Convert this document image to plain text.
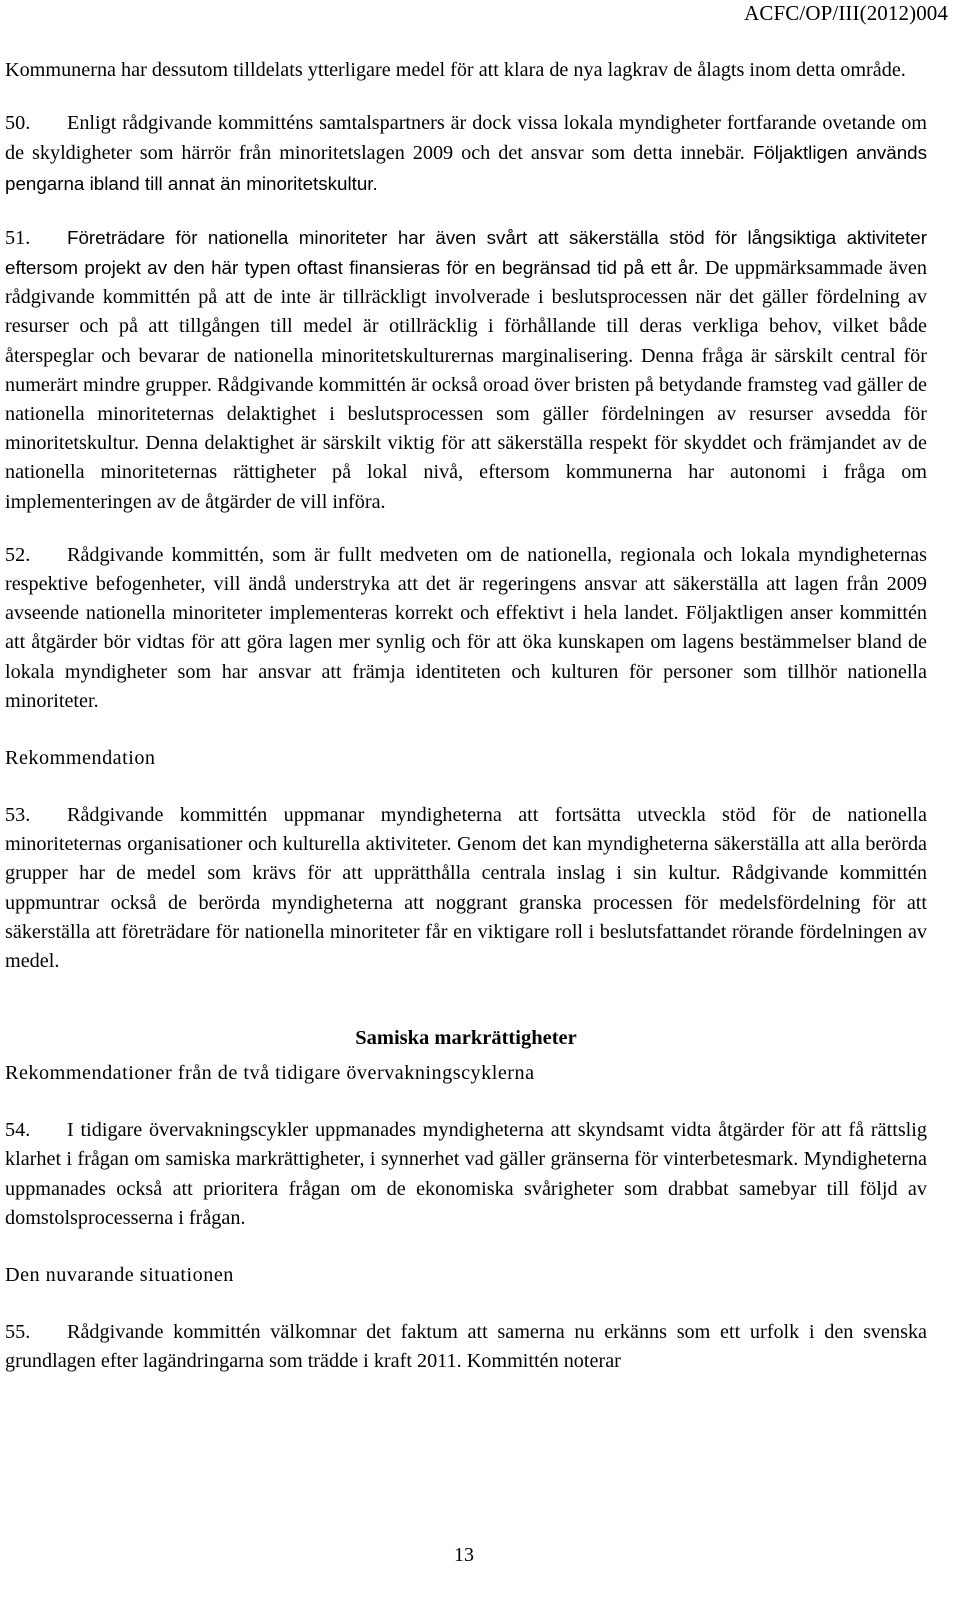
ACFC/OP/III(2012)004

Kommunerna har dessutom tilldelats ytterligare medel för att klara de nya lagkrav de ålagts inom detta område.

50. Enligt rådgivande kommitténs samtalspartners är dock vissa lokala myndigheter fortfarande ovetande om de skyldigheter som härrör från minoritetslagen 2009 och det ansvar som detta innebär. Följaktligen används pengarna ibland till annat än minoritetskultur.

51. Företrädare för nationella minoriteter har även svårt att säkerställa stöd för långsiktiga aktiviteter eftersom projekt av den här typen oftast finansieras för en begränsad tid på ett år. De uppmärksammade även rådgivande kommittén på att de inte är tillräckligt involverade i beslutsprocessen när det gäller fördelning av resurser och på att tillgången till medel är otillräcklig i förhållande till deras verkliga behov, vilket både återspeglar och bevarar de nationella minoritetskulturernas marginalisering. Denna fråga är särskilt central för numerärt mindre grupper. Rådgivande kommittén är också oroad över bristen på betydande framsteg vad gäller de nationella minoriteternas delaktighet i beslutsprocessen som gäller fördelningen av resurser avsedda för minoritetskultur. Denna delaktighet är särskilt viktig för att säkerställa respekt för skyddet och främjandet av de nationella minoriteternas rättigheter på lokal nivå, eftersom kommunerna har autonomi i fråga om implementeringen av de åtgärder de vill införa.

52. Rådgivande kommittén, som är fullt medveten om de nationella, regionala och lokala myndigheternas respektive befogenheter, vill ändå understryka att det är regeringens ansvar att säkerställa att lagen från 2009 avseende nationella minoriteter implementeras korrekt och effektivt i hela landet. Följaktligen anser kommittén att åtgärder bör vidtas för att göra lagen mer synlig och för att öka kunskapen om lagens bestämmelser bland de lokala myndigheter som har ansvar att främja identiteten och kulturen för personer som tillhör nationella minoriteter.

Rekommendation

53. Rådgivande kommittén uppmanar myndigheterna att fortsätta utveckla stöd för de nationella minoriteternas organisationer och kulturella aktiviteter. Genom det kan myndigheterna säkerställa att alla berörda grupper har de medel som krävs för att upprätthålla centrala inslag i sin kultur. Rådgivande kommittén uppmuntrar också de berörda myndigheterna att noggrant granska processen för medelsfördelning för att säkerställa att företrädare för nationella minoriteter får en viktigare roll i beslutsfattandet rörande fördelningen av medel.

Samiska markrättigheter

Rekommendationer från de två tidigare övervakningscyklerna

54. I tidigare övervakningscykler uppmanades myndigheterna att skyndsamt vidta åtgärder för att få rättslig klarhet i frågan om samiska markrättigheter, i synnerhet vad gäller gränserna för vinterbetesmark. Myndigheterna uppmanades också att prioritera frågan om de ekonomiska svårigheter som drabbat samebyar till följd av domstolsprocesserna i frågan.

Den nuvarande situationen

55. Rådgivande kommittén välkomnar det faktum att samerna nu erkänns som ett urfolk i den svenska grundlagen efter lagändringarna som trädde i kraft 2011. Kommittén noterar

13
